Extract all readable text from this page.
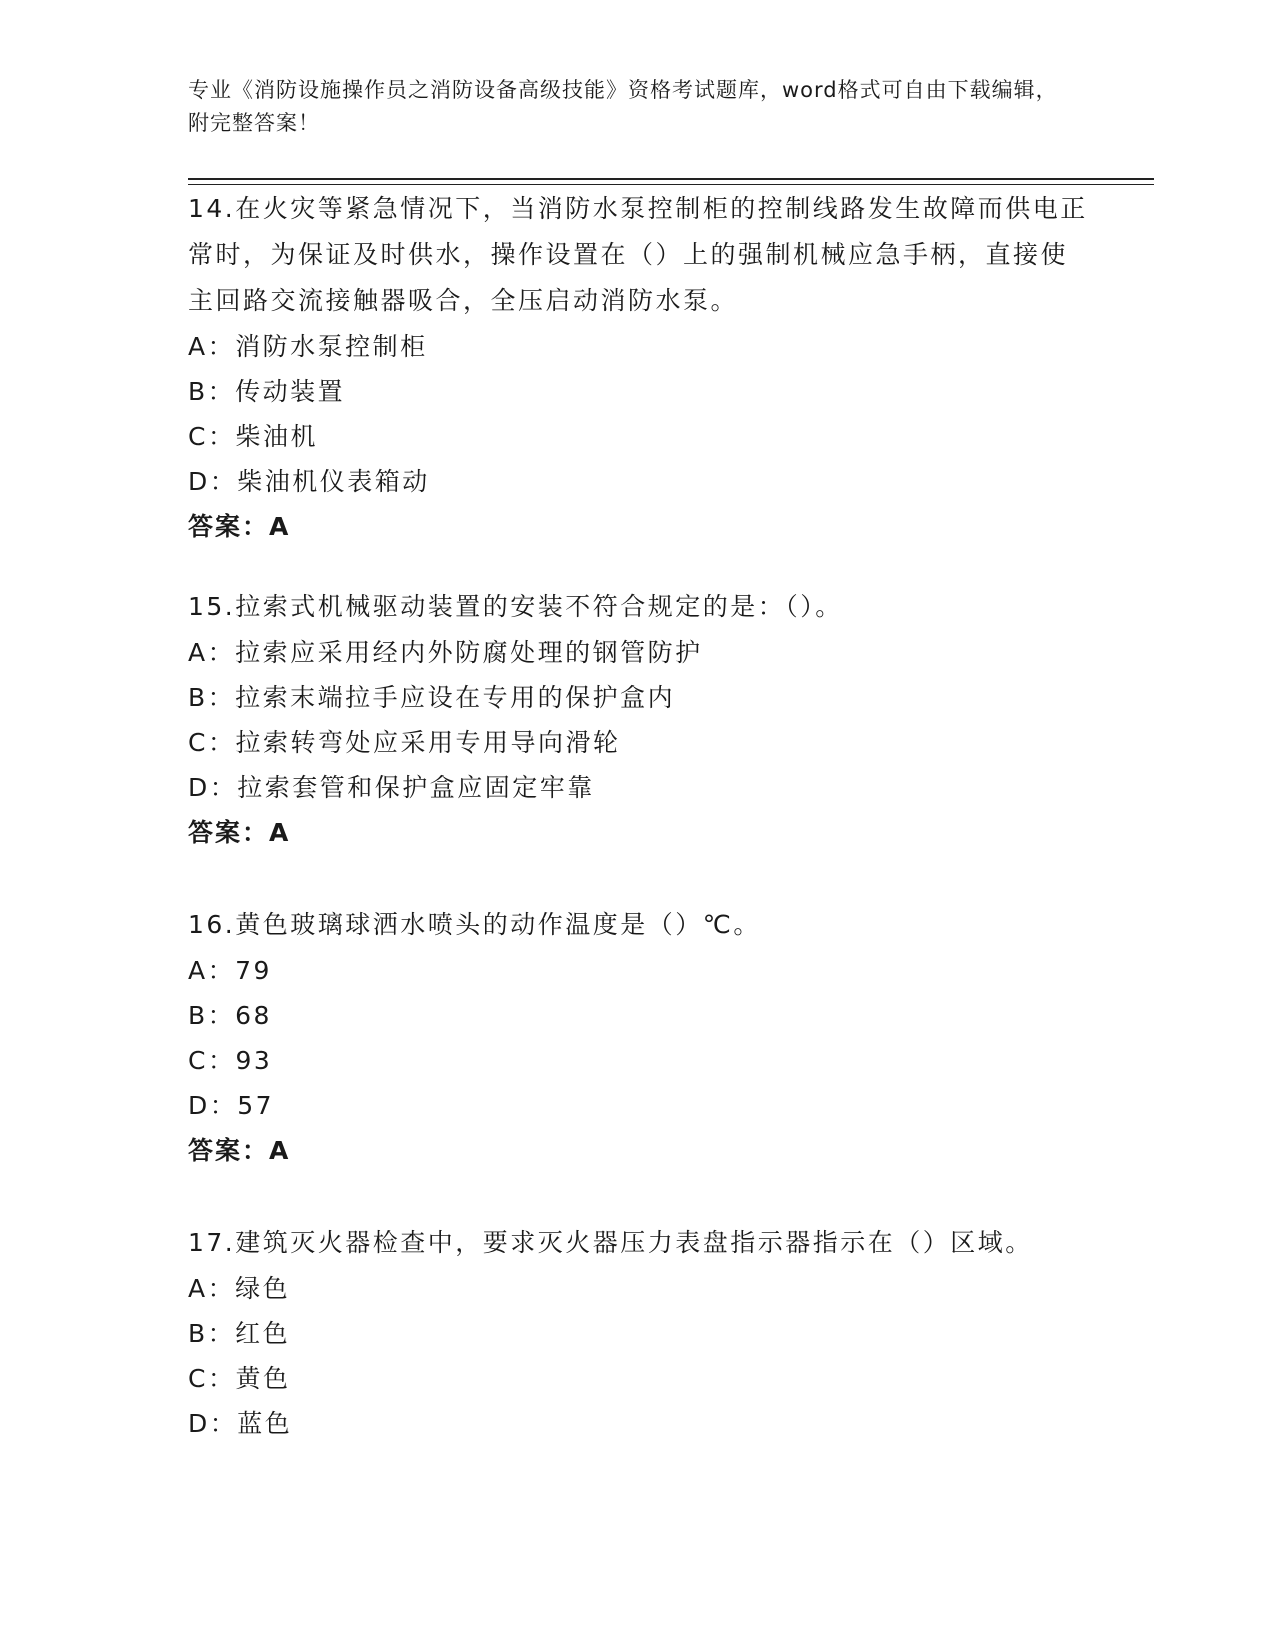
专业《消防设施操作员之消防设备高级技能》资格考试题库，word格式可自由下载编辑，附完整答案！
14.在火灾等紧急情况下，当消防水泵控制柜的控制线路发生故障而供电正常时，为保证及时供水，操作设置在（）上的强制机械应急手柄，直接使主回路交流接触器吸合，全压启动消防水泵。
A：消防水泵控制柜
B：传动装置
C：柴油机
D：柴油机仪表箱动
答案：A
15.拉索式机械驱动装置的安装不符合规定的是：（）。
A：拉索应采用经内外防腐处理的钢管防护
B：拉索末端拉手应设在专用的保护盒内
C：拉索转弯处应采用专用导向滑轮
D：拉索套管和保护盒应固定牢靠
答案：A
16.黄色玻璃球洒水喷头的动作温度是（）℃。
A：79
B：68
C：93
D：57
答案：A
17.建筑灭火器检查中，要求灭火器压力表盘指示器指示在（）区域。
A：绿色
B：红色
C：黄色
D：蓝色
